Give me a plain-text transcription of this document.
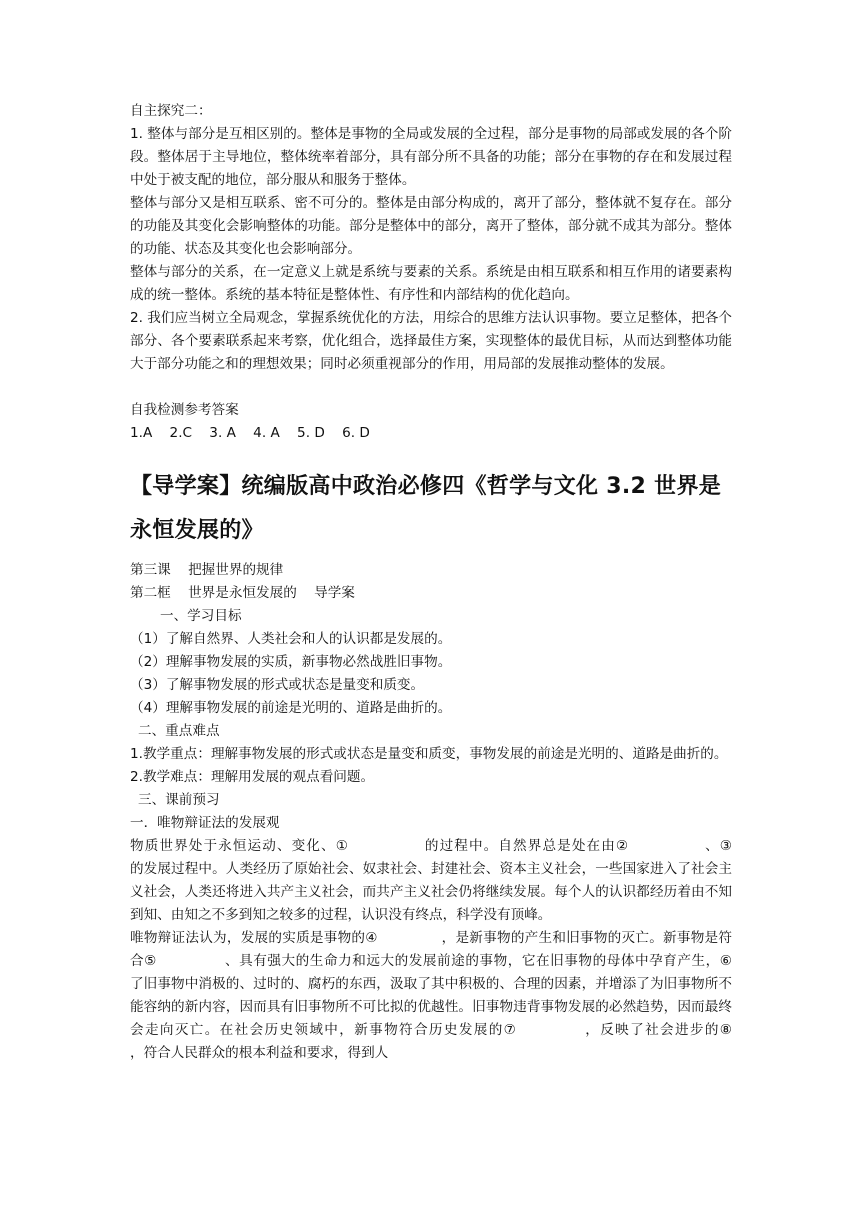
自主探究二：

1. 整体与部分是互相区别的。整体是事物的全局或发展的全过程，部分是事物的局部或发展的各个阶段。整体居于主导地位，整体统率着部分，具有部分所不具备的功能；部分在事物的存在和发展过程中处于被支配的地位，部分服从和服务于整体。

整体与部分又是相互联系、密不可分的。整体是由部分构成的，离开了部分，整体就不复存在。部分的功能及其变化会影响整体的功能。部分是整体中的部分，离开了整体，部分就不成其为部分。整体的功能、状态及其变化也会影响部分。

整体与部分的关系，在一定意义上就是系统与要素的关系。系统是由相互联系和相互作用的诸要素构成的统一整体。系统的基本特征是整体性、有序性和内部结构的优化趋向。

2. 我们应当树立全局观念，掌握系统优化的方法，用综合的思维方法认识事物。要立足整体，把各个部分、各个要素联系起来考察，优化组合，选择最佳方案，实现整体的最优目标，从而达到整体功能大于部分功能之和的理想效果；同时必须重视部分的作用，用局部的发展推动整体的发展。

自我检测参考答案

1.A    2.C    3. A    4. A    5. D    6. D

【导学案】统编版高中政治必修四《哲学与文化 3.2 世界是永恒发展的》

第三课    把握世界的规律

第二框    世界是永恒发展的    导学案

一、学习目标

（1）了解自然界、人类社会和人的认识都是发展的。

（2）理解事物发展的实质，新事物必然战胜旧事物。

（3）了解事物发展的形式或状态是量变和质变。

（4）理解事物发展的前途是光明的、道路是曲折的。

二、重点难点

1.教学重点：理解事物发展的形式或状态是量变和质变，事物发展的前途是光明的、道路是曲折的。

2.教学难点：理解用发展的观点看问题。

三、课前预习

一．唯物辩证法的发展观

物质世界处于永恒运动、变化、①              的过程中。自然界总是处在由②              、③              的发展过程中。人类经历了原始社会、奴隶社会、封建社会、资本主义社会，一些国家进入了社会主义社会，人类还将进入共产主义社会，而共产主义社会仍将继续发展。每个人的认识都经历着由不知到知、由知之不多到知之较多的过程，认识没有终点，科学没有顶峰。

唯物辩证法认为，发展的实质是事物的④              ，是新事物的产生和旧事物的灭亡。新事物是符合⑤              、具有强大的生命力和远大的发展前途的事物，它在旧事物的母体中孕育产生，⑥          了旧事物中消极的、过时的、腐朽的东西，汲取了其中积极的、合理的因素，并增添了为旧事物所不能容纳的新内容，因而具有旧事物所不可比拟的优越性。旧事物违背事物发展的必然趋势，因而最终会走向灭亡。在社会历史领域中，新事物符合历史发展的⑦            ，反映了社会进步的⑧              ，符合人民群众的根本利益和要求，得到人
